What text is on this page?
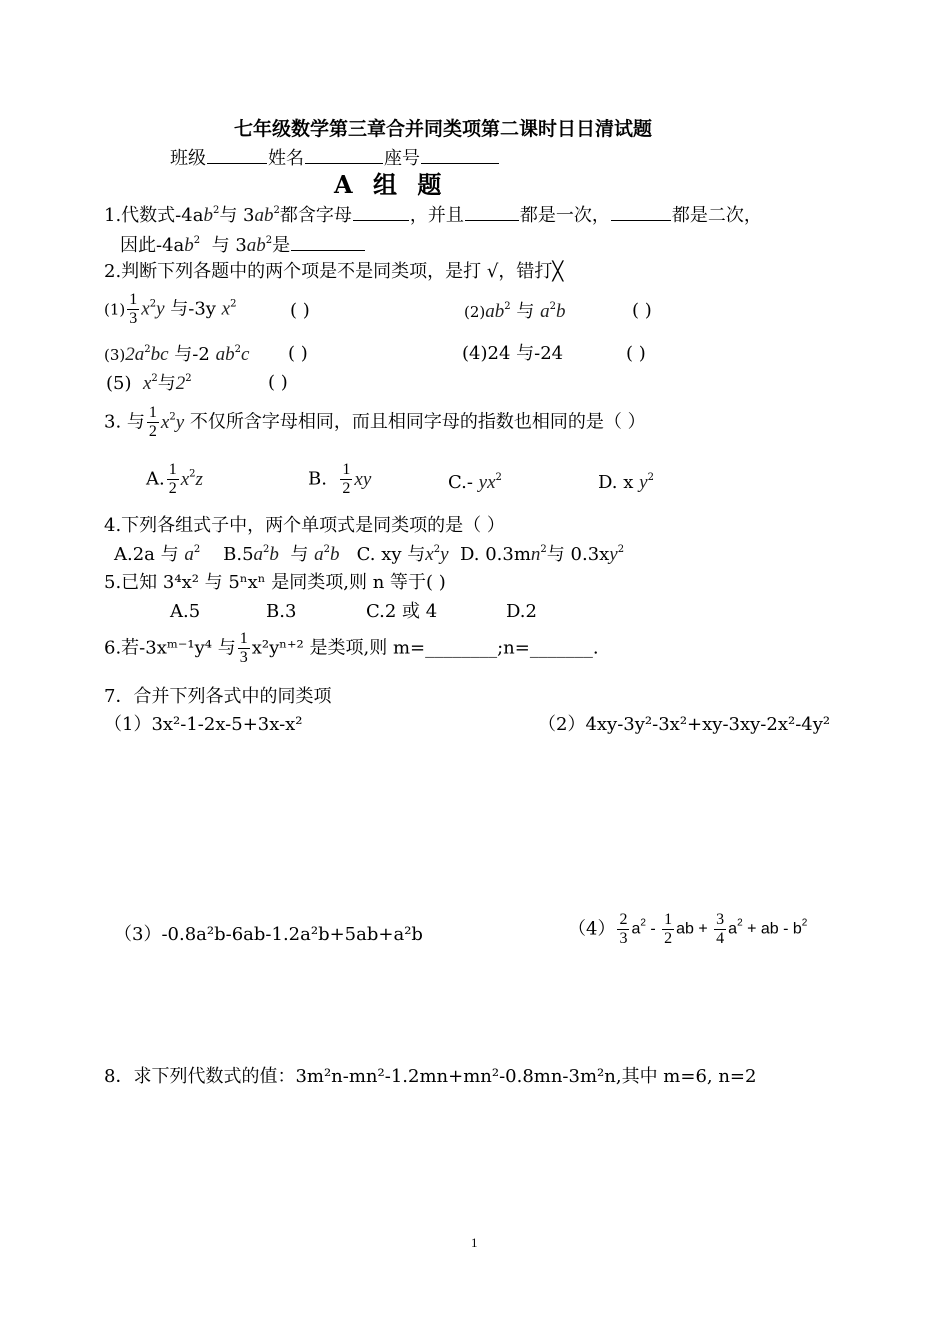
七年级数学第三章合并同类项第二课时日日清试题
班级	姓名	座号
A 组 题
1.代数式$-4ab^2$与 $3ab^2$都含字母	，并且	都是一次，	都是二次，
因此$-4ab^2$ 与 $3ab^2$是
2.判断下列各题中的两个项是不是同类项，是打 √，错打╳
$(1) \frac{1}{3} x^2y$ 与-3y $x^2$	( )	$(2)ab^2$ 与 $a^2b$	( )
$(3)2a^2bc$ 与-2 $ab^2c$ ( )	(4)24 与-24	( )
(5) $x^2$与$2^2$	( )
3. 与 $\frac{1}{2} x^2y$ 不仅所含字母相同，而且相同字母的指数也相同的是（ ）
A. $\frac{1}{2} x^2z$	B. $\frac{1}{2}$ xy	C.- $yx^2$	D. x $y^2$
4.下列各组式子中，两个单项式是同类项的是（ ）
A.2a 与 $a^2$ $B.5a^2b$ 与 $a^2b$ C. xy 与$x^2y$ D. $0.3mn^2$与 $0.3xy^2$
5.已知 3⁴x² 与 5ⁿxⁿ 是同类项,则 n 等于( )
A.5	B.3	C.2 或 4	D.2
6.若-3xᵐ⁻¹y⁴ 与 $\frac{1}{3} x^2y^{n+2}$ 是类项,则 m=________;n=_______.
7．合并下列各式中的同类项
（1）3x²-1-2x-5+3x-x²	（2）4xy-3y²-3x²+xy-3xy-2x²-4y²
（3）-0.8a²b-6ab-1.2a²b+5ab+a²b	$(4) \frac{2}{3} a^2 - \frac{1}{2}$ ab + $\frac{3}{4} a^2$ + ab - $b^2$
8．求下列代数式的值：3m²n-mn²-1.2mn+mn²-0.8mn-3m²n,其中 m=6, n=2
1
